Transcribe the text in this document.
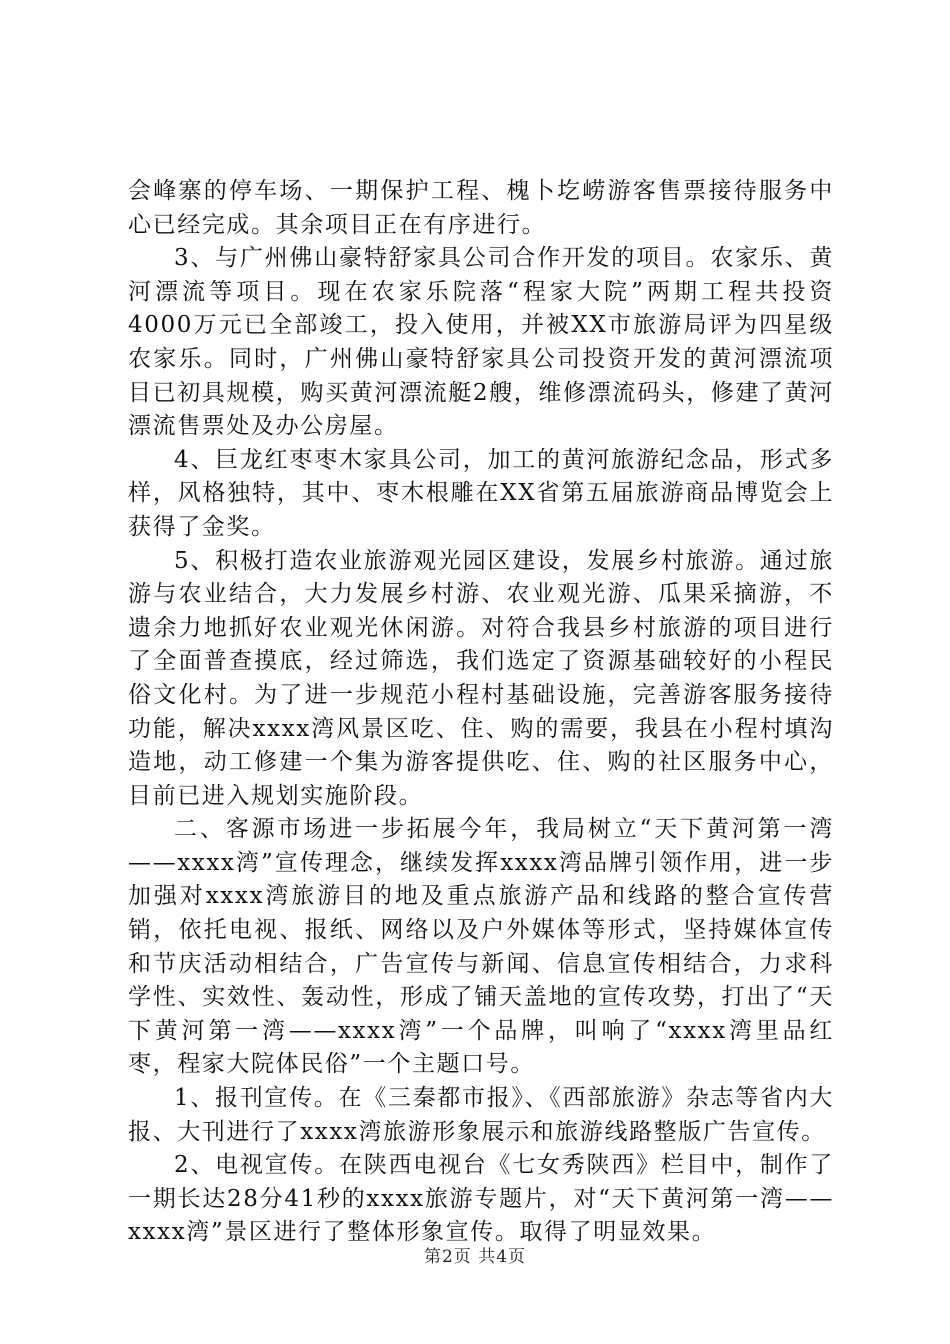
会峰寨的停车场、一期保护工程、槐卜圪崂游客售票接待服务中心已经完成。其余项目正在有序进行。

3、与广州佛山豪特舒家具公司合作开发的项目。农家乐、黄河漂流等项目。现在农家乐院落“程家大院”两期工程共投资4000万元已全部竣工，投入使用，并被XX市旅游局评为四星级农家乐。同时，广州佛山豪特舒家具公司投资开发的黄河漂流项目已初具规模，购买黄河漂流艇2艘，维修漂流码头，修建了黄河漂流售票处及办公房屋。

4、巨龙红枣枣木家具公司，加工的黄河旅游纪念品，形式多样，风格独特，其中、枣木根雕在XX省第五届旅游商品博览会上获得了金奖。

5、积极打造农业旅游观光园区建设，发展乡村旅游。通过旅游与农业结合，大力发展乡村游、农业观光游、瓜果采摘游，不遗余力地抓好农业观光休闲游。对符合我县乡村旅游的项目进行了全面普查摸底，经过筛选，我们选定了资源基础较好的小程民俗文化村。为了进一步规范小程村基础设施，完善游客服务接待功能，解决xxxx湾风景区吃、住、购的需要，我县在小程村填沟造地，动工修建一个集为游客提供吃、住、购的社区服务中心，目前已进入规划实施阶段。

二、客源市场进一步拓展今年，我局树立“天下黄河第一湾——xxxx湾”宣传理念，继续发挥xxxx湾品牌引领作用，进一步加强对xxxx湾旅游目的地及重点旅游产品和线路的整合宣传营销，依托电视、报纸、网络以及户外媒体等形式，坚持媒体宣传和节庆活动相结合，广告宣传与新闻、信息宣传相结合，力求科学性、实效性、轰动性，形成了铺天盖地的宣传攻势，打出了“天下黄河第一湾——xxxx湾”一个品牌，叫响了“xxxx湾里品红枣，程家大院体民俗”一个主题口号。

1、报刊宣传。在《三秦都市报》、《西部旅游》杂志等省内大报、大刊进行了xxxx湾旅游形象展示和旅游线路整版广告宣传。

2、电视宣传。在陕西电视台《七女秀陕西》栏目中，制作了一期长达28分41秒的xxxx旅游专题片，对“天下黄河第一湾——xxxx湾”景区进行了整体形象宣传。取得了明显效果。

第2页 共4页
